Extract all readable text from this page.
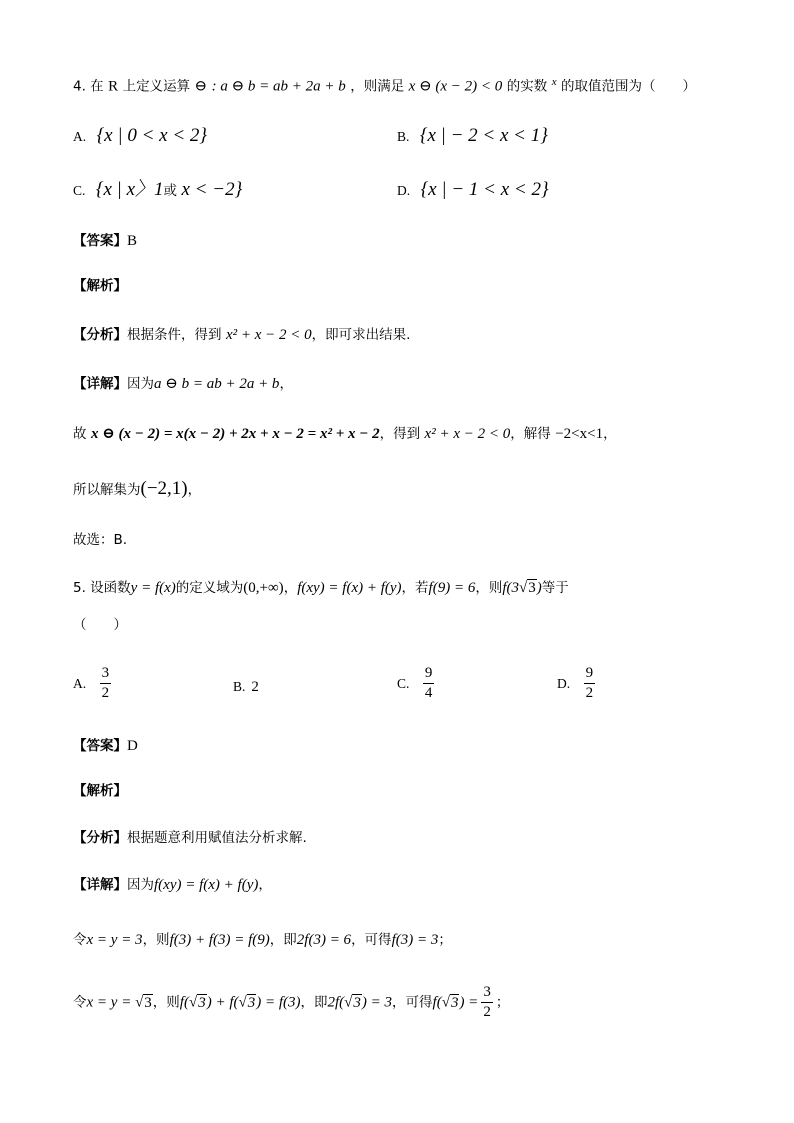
4. 在 R 上定义运算 ⊖ : a ⊖ b = ab + 2a + b ，则满足 x ⊖ (x − 2) < 0 的实数 $^x$ 的取值范围为（　　）
A. {x | 0 < x < 2}	B. {x | − 2 < x < 1}
C. {x | x〉1或 x < −2}	D. {x | − 1 < x < 2}
【答案】B
【解析】
【分析】根据条件，得到 x² + x − 2 < 0，即可求出结果.
【详解】因为a ⊖ b = ab + 2a + b，
故 x ⊖ (x − 2) = x(x − 2) + 2x + x − 2 = x² + x − 2，得到 x² + x − 2 < 0，解得 −2<x<1，
所以解集为(−2,1)，
故选：B.
5. 设函数y = f(x)的定义域为(0,+∞)，f(xy) = f(x) + f(y)，若f(9) = 6，则f(3√3)等于
（　　）
A. $\frac{3}{2}$	B. 2	C. $\frac{9}{4}$	D. $\frac{9}{2}$
【答案】D
【解析】
【分析】根据题意利用赋值法分析求解.
【详解】因为f(xy) = f(x) + f(y)，
令x = y = 3，则f(3) + f(3) = f(9)，即2f(3) = 6，可得f(3) = 3；
令x = y = √3，则f(√3) + f(√3) = f(3)，即2f(√3) = 3，可得$f(√3) = \frac{3}{2}$ ；
